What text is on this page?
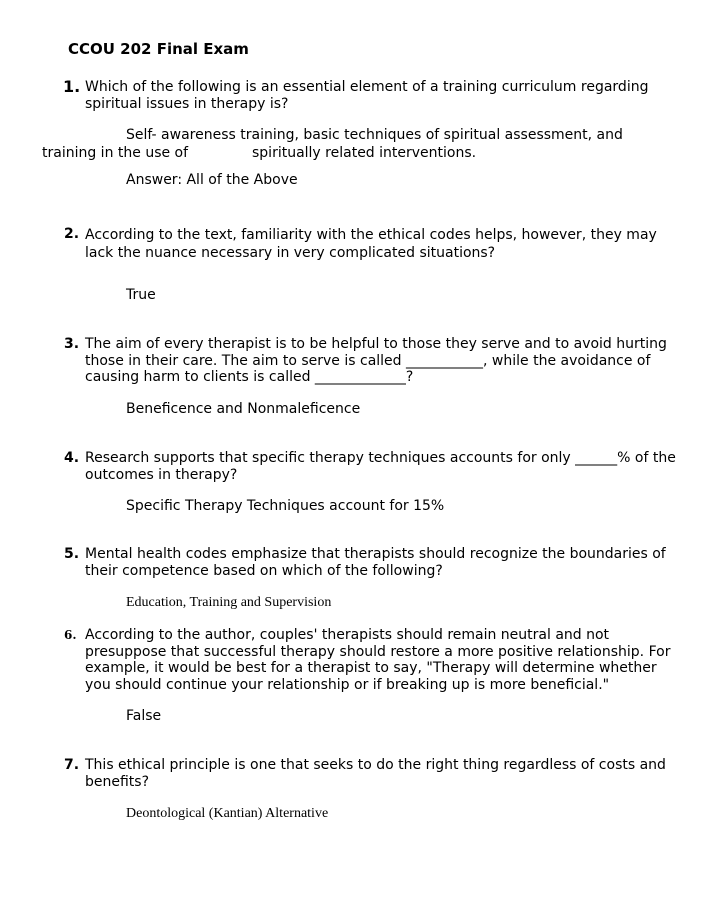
CCOU 202 Final Exam
1. Which of the following is an essential element of a training curriculum regarding spiritual issues in therapy is?
Self- awareness training, basic techniques of spiritual assessment, and
training in the use of	spiritually related interventions.
Answer: All of the Above
2. According to the text, familiarity with the ethical codes helps, however, they may lack the nuance necessary in very complicated situations?
True
3. The aim of every therapist is to be helpful to those they serve and to avoid hurting those in their care. The aim to serve is called ___________, while the avoidance of causing harm to clients is called _____________?
Beneficence and Nonmaleficence
4. Research supports that specific therapy techniques accounts for only ______% of the outcomes in therapy?
Specific Therapy Techniques account for 15%
5. Mental health codes emphasize that therapists should recognize the boundaries of their competence based on which of the following?
Education, Training and Supervision
6. According to the author, couples' therapists should remain neutral and not presuppose that successful therapy should restore a more positive relationship. For example, it would be best for a therapist to say, "Therapy will determine whether you should continue your relationship or if breaking up is more beneficial."
False
7. This ethical principle is one that seeks to do the right thing regardless of costs and benefits?
Deontological (Kantian) Alternative
